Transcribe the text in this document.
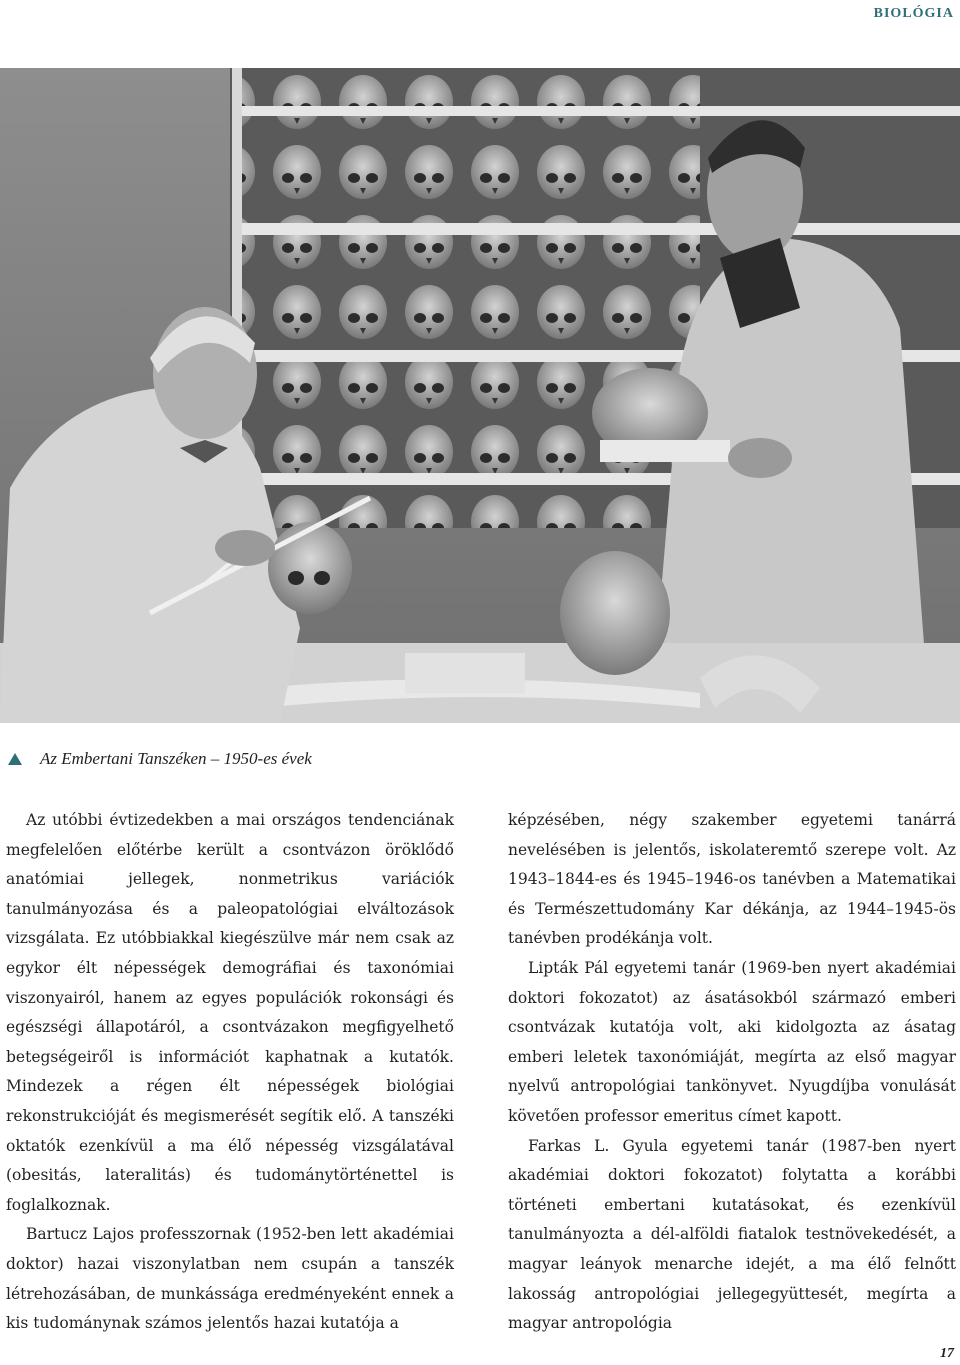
BIOLÓGIA
Az Embertani Tanszéken – 1950-es évek

Az utóbbi évtizedekben a mai országos tendenciának megfelelően előtérbe került a csontvázon öröklődő anatómiai jellegek, nonmetrikus variációk tanulmányozása és a paleopatológiai elváltozások vizsgálata. Ez utóbbiakkal kiegészülve már nem csak az egykor élt népességek demográfiai és taxonómiai viszonyairól, hanem az egyes populációk rokonsági és egészségi állapotáról, a csontvázakon megfigyelhető betegségeiről is információt kaphatnak a kutatók. Mindezek a régen élt népességek biológiai rekonstrukcióját és megismerését segítik elő. A tanszéki oktatók ezenkívül a ma élő népesség vizsgálatával (obesitás, lateralitás) és tudománytörténettel is foglalkoznak.

Bartucz Lajos professzornak (1952-ben lett akadémiai doktor) hazai viszonylatban nem csupán a tanszék létrehozásában, de munkássága eredményeként ennek a kis tudománynak számos jelentős hazai kutatója a

képzésében, négy szakember egyetemi tanárrá nevelésében is jelentős, iskolateremtő szerepe volt. Az 1943–1844-es és 1945–1946-os tanévben a Matematikai és Természettudomány Kar dékánja, az 1944–1945-ös tanévben prodékánja volt.

Lipták Pál egyetemi tanár (1969-ben nyert akadémiai doktori fokozatot) az ásatásokból származó emberi csontvázak kutatója volt, aki kidolgozta az ásatag emberi leletek taxonómiáját, megírta az első magyar nyelvű antropológiai tankönyvet. Nyugdíjba vonulását követően professor emeritus címet kapott.

Farkas L. Gyula egyetemi tanár (1987-ben nyert akadémiai doktori fokozatot) folytatta a korábbi történeti embertani kutatásokat, és ezenkívül tanulmányozta a dél-alföldi fiatalok testnövekedését, a magyar leányok menarche idejét, a ma élő felnőtt lakosság antropológiai jellegegyüttesét, megírta a magyar antropológia

17
